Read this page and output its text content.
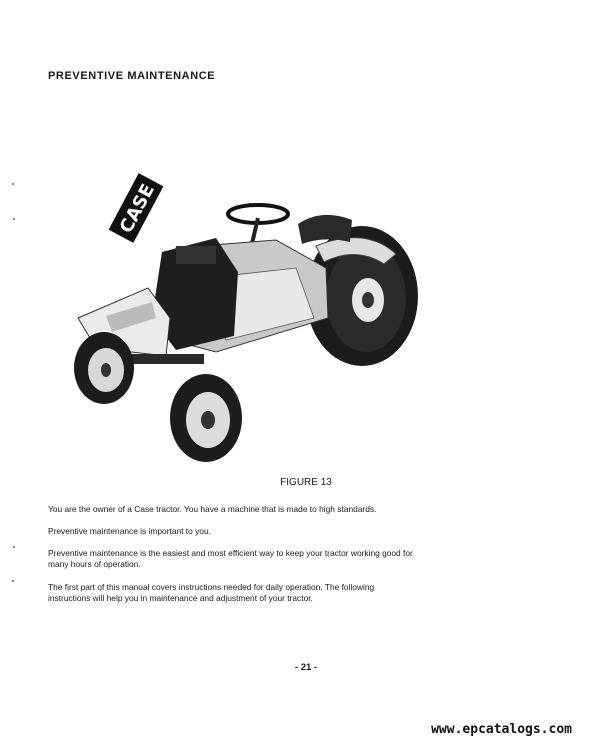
PREVENTIVE MAINTENANCE
CASE
FIGURE 13

You are the owner of a Case tractor. You have a machine that is made to high standards.

Preventive maintenance is important to you.

Preventive maintenance is the easiest and most efficient way to keep your tractor working good for many hours of operation.

The first part of this manual covers instructions needed for daily operation. The following instructions will help you in maintenance and adjustment of your tractor.

- 21 -
www.epcatalogs.com
